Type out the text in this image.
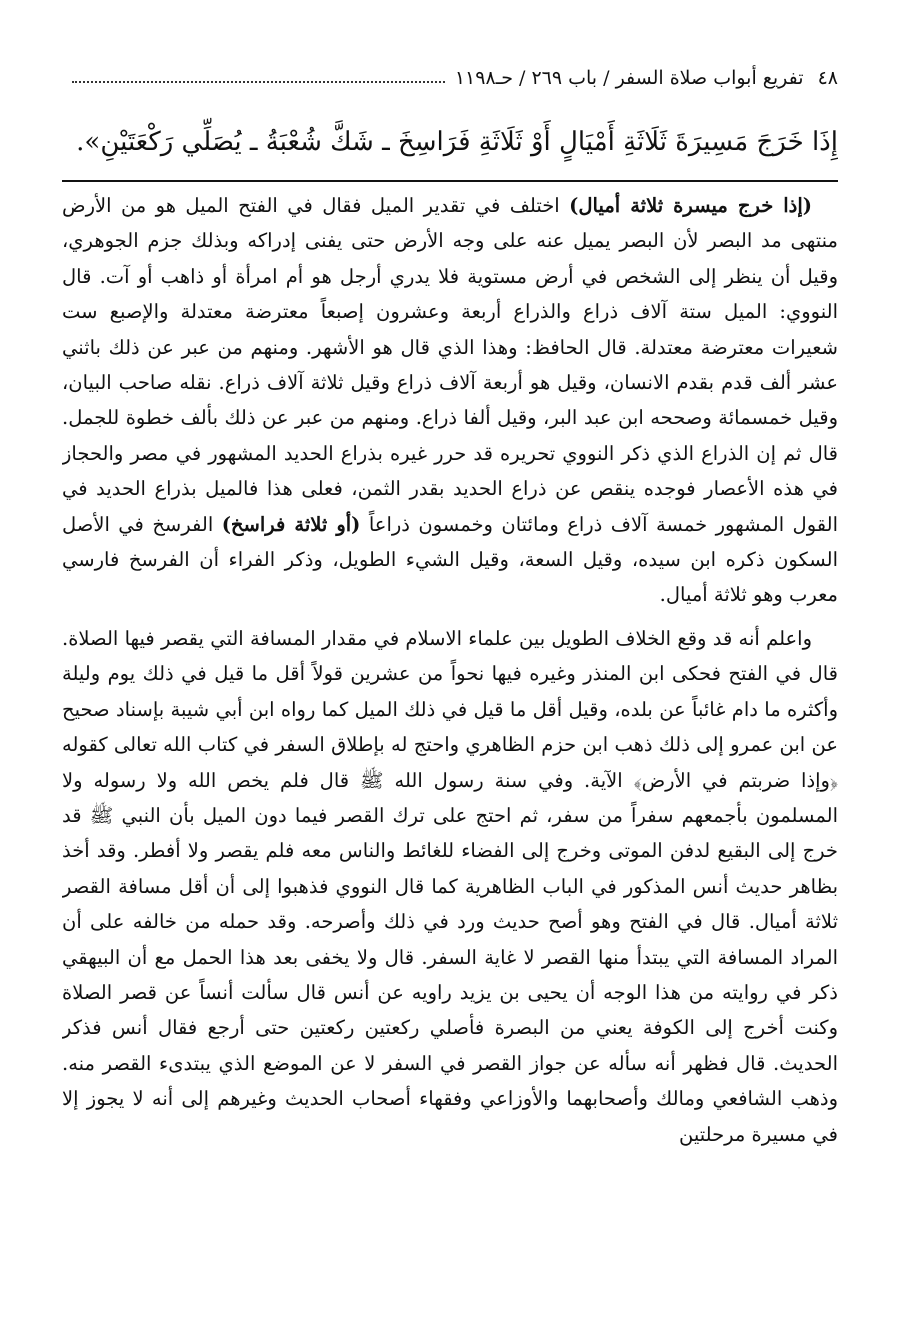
٤٨
تفريع أبواب صلاة السفر / باب ٢٦٩ / حـ١١٩٨
إِذَا خَرَجَ مَسِيرَةَ ثَلَاثَةِ أَمْيَالٍ أَوْ ثَلَاثَةِ فَرَاسِخَ ـ شَكَّ شُعْبَةُ ـ يُصَلِّي رَكْعَتَيْنِ».

(إذا خرج ميسرة ثلاثة أميال) اختلف في تقدير الميل فقال في الفتح الميل هو من الأرض منتهى مد البصر لأن البصر يميل عنه على وجه الأرض حتى يفنى إدراكه وبذلك جزم الجوهري، وقيل أن ينظر إلى الشخص في أرض مستوية فلا يدري أرجل هو أم امرأة أو ذاهب أو آت. قال النووي: الميل ستة آلاف ذراع والذراع أربعة وعشرون إصبعاً معترضة معتدلة والإصبع ست شعيرات معترضة معتدلة. قال الحافظ: وهذا الذي قال هو الأشهر. ومنهم من عبر عن ذلك باثني عشر ألف قدم بقدم الانسان، وقيل هو أربعة آلاف ذراع وقيل ثلاثة آلاف ذراع. نقله صاحب البيان، وقيل خمسمائة وصححه ابن عبد البر، وقيل ألفا ذراع. ومنهم من عبر عن ذلك بألف خطوة للجمل. قال ثم إن الذراع الذي ذكر النووي تحريره قد حرر غيره بذراع الحديد المشهور في مصر والحجاز في هذه الأعصار فوجده ينقص عن ذراع الحديد بقدر الثمن، فعلى هذا فالميل بذراع الحديد في القول المشهور خمسة آلاف ذراع ومائتان وخمسون ذراعاً (أو ثلاثة فراسخ) الفرسخ في الأصل السكون ذكره ابن سيده، وقيل السعة، وقيل الشيء الطويل، وذكر الفراء أن الفرسخ فارسي معرب وهو ثلاثة أميال.

واعلم أنه قد وقع الخلاف الطويل بين علماء الاسلام في مقدار المسافة التي يقصر فيها الصلاة. قال في الفتح فحكى ابن المنذر وغيره فيها نحواً من عشرين قولاً أقل ما قيل في ذلك يوم وليلة وأكثره ما دام غائباً عن بلده، وقيل أقل ما قيل في ذلك الميل كما رواه ابن أبي شيبة بإسناد صحيح عن ابن عمرو إلى ذلك ذهب ابن حزم الظاهري واحتج له بإطلاق السفر في كتاب الله تعالى كقوله ﴿وإذا ضربتم في الأرض﴾ الآية. وفي سنة رسول الله ﷺ قال فلم يخص الله ولا رسوله ولا المسلمون بأجمعهم سفراً من سفر، ثم احتج على ترك القصر فيما دون الميل بأن النبي ﷺ قد خرج إلى البقيع لدفن الموتى وخرج إلى الفضاء للغائط والناس معه فلم يقصر ولا أفطر. وقد أخذ بظاهر حديث أنس المذكور في الباب الظاهرية كما قال النووي فذهبوا إلى أن أقل مسافة القصر ثلاثة أميال. قال في الفتح وهو أصح حديث ورد في ذلك وأصرحه. وقد حمله من خالفه على أن المراد المسافة التي يبتدأ منها القصر لا غاية السفر. قال ولا يخفى بعد هذا الحمل مع أن البيهقي ذكر في روايته من هذا الوجه أن يحيى بن يزيد راويه عن أنس قال سألت أنساً عن قصر الصلاة وكنت أخرج إلى الكوفة يعني من البصرة فأصلي ركعتين ركعتين حتى أرجع فقال أنس فذكر الحديث. قال فظهر أنه سأله عن جواز القصر في السفر لا عن الموضع الذي يبتدىء القصر منه. وذهب الشافعي ومالك وأصحابهما والأوزاعي وفقهاء أصحاب الحديث وغيرهم إلى أنه لا يجوز إلا في مسيرة مرحلتين
